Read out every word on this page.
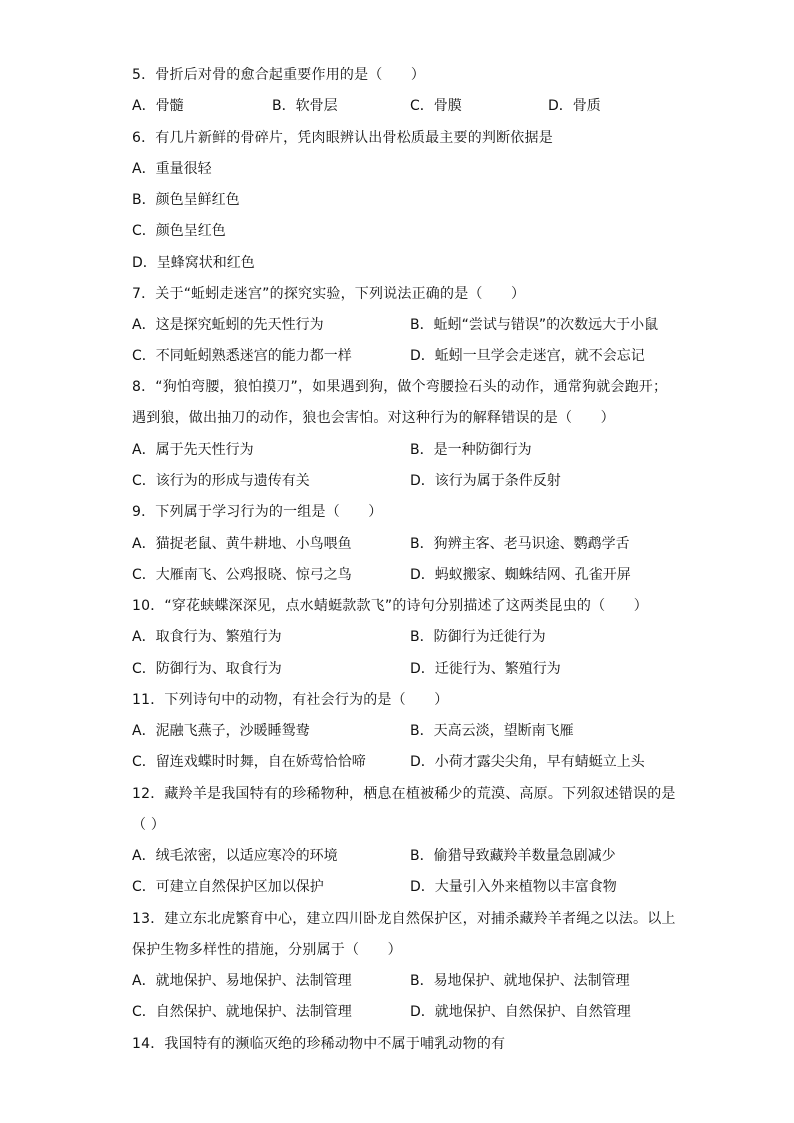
5．骨折后对骨的愈合起重要作用的是（　　）
A．骨髓	B．软骨层	C．骨膜	D．骨质
6．有几片新鲜的骨碎片，凭肉眼辨认出骨松质最主要的判断依据是
A．重量很轻
B．颜色呈鲜红色
C．颜色呈红色
D．呈蜂窝状和红色
7．关于“蚯蚓走迷宫”的探究实验，下列说法正确的是（　　）
A．这是探究蚯蚓的先天性行为	B．蚯蚓“尝试与错误”的次数远大于小鼠
C．不同蚯蚓熟悉迷宫的能力都一样	D．蚯蚓一旦学会走迷宫，就不会忘记
8．“狗怕弯腰，狼怕摸刀”，如果遇到狗，做个弯腰捡石头的动作，通常狗就会跑开；
遇到狼，做出抽刀的动作，狼也会害怕。对这种行为的解释错误的是（　　）
A．属于先天性行为	B．是一种防御行为
C．该行为的形成与遗传有关	D．该行为属于条件反射
9．下列属于学习行为的一组是（　　）
A．猫捉老鼠、黄牛耕地、小鸟喂鱼	B．狗辨主客、老马识途、鹦鹉学舌
C．大雁南飞、公鸡报晓、惊弓之鸟	D．蚂蚁搬家、蜘蛛结网、孔雀开屏
10．“穿花蛱蝶深深见，点水蜻蜓款款飞”的诗句分别描述了这两类昆虫的（　　）
A．取食行为、繁殖行为	B．防御行为迁徙行为
C．防御行为、取食行为	D．迁徙行为、繁殖行为
11．下列诗句中的动物，有社会行为的是（　　）
A．泥融飞燕子，沙暖睡鸳鸯	B．天高云淡，望断南飞雁
C．留连戏蝶时时舞，自在娇莺恰恰啼	D．小荷才露尖尖角，早有蜻蜓立上头
12．藏羚羊是我国特有的珍稀物种，栖息在植被稀少的荒漠、高原。下列叙述错误的是
（ ）
A．绒毛浓密，以适应寒冷的环境	B．偷猎导致藏羚羊数量急剧减少
C．可建立自然保护区加以保护	D．大量引入外来植物以丰富食物
13．建立东北虎繁育中心，建立四川卧龙自然保护区，对捕杀藏羚羊者绳之以法。以上
保护生物多样性的措施，分别属于（　　）
A．就地保护、易地保护、法制管理	B．易地保护、就地保护、法制管理
C．自然保护、就地保护、法制管理	D．就地保护、自然保护、自然管理
14．我国特有的濒临灭绝的珍稀动物中不属于哺乳动物的有
